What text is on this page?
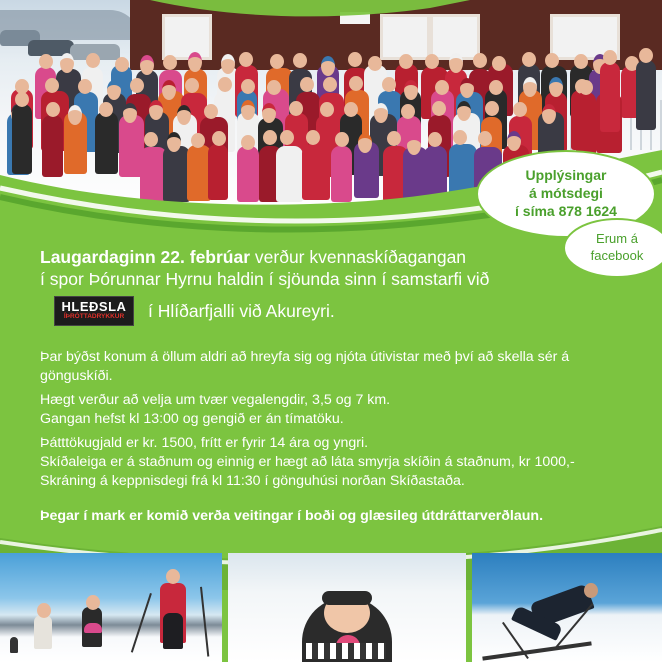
Upplýsingar
á mótsdegi
í síma 878 1624
Erum á
facebook
Laugardaginn 22. febrúar verður kvennaskíðagangan
í spor Þórunnar Hyrnu haldin í sjöunda sinn í samstarfi við
HLEÐSLA
ÍÞRÓTTADRYKKUR	í Hlíðarfjalli við Akureyri.
Þar býðst konum á öllum aldri að hreyfa sig og njóta útivistar með því að skella sér á gönguskíði.
Hægt verður að velja um tvær vegalengdir, 3,5 og 7 km.
Gangan hefst kl 13:00 og gengið er án tímatöku.
Þátttökugjald er kr. 1500, frítt er fyrir 14 ára og yngri.
Skíðaleiga er á staðnum og einnig er hægt að láta smyrja skíðin á staðnum, kr 1000,-
Skráning á keppnisdegi frá kl 11:30 í gönguhúsi norðan Skíðastaða.
Þegar í mark er komið verða veitingar í boði og glæsileg útdráttarverðlaun.
